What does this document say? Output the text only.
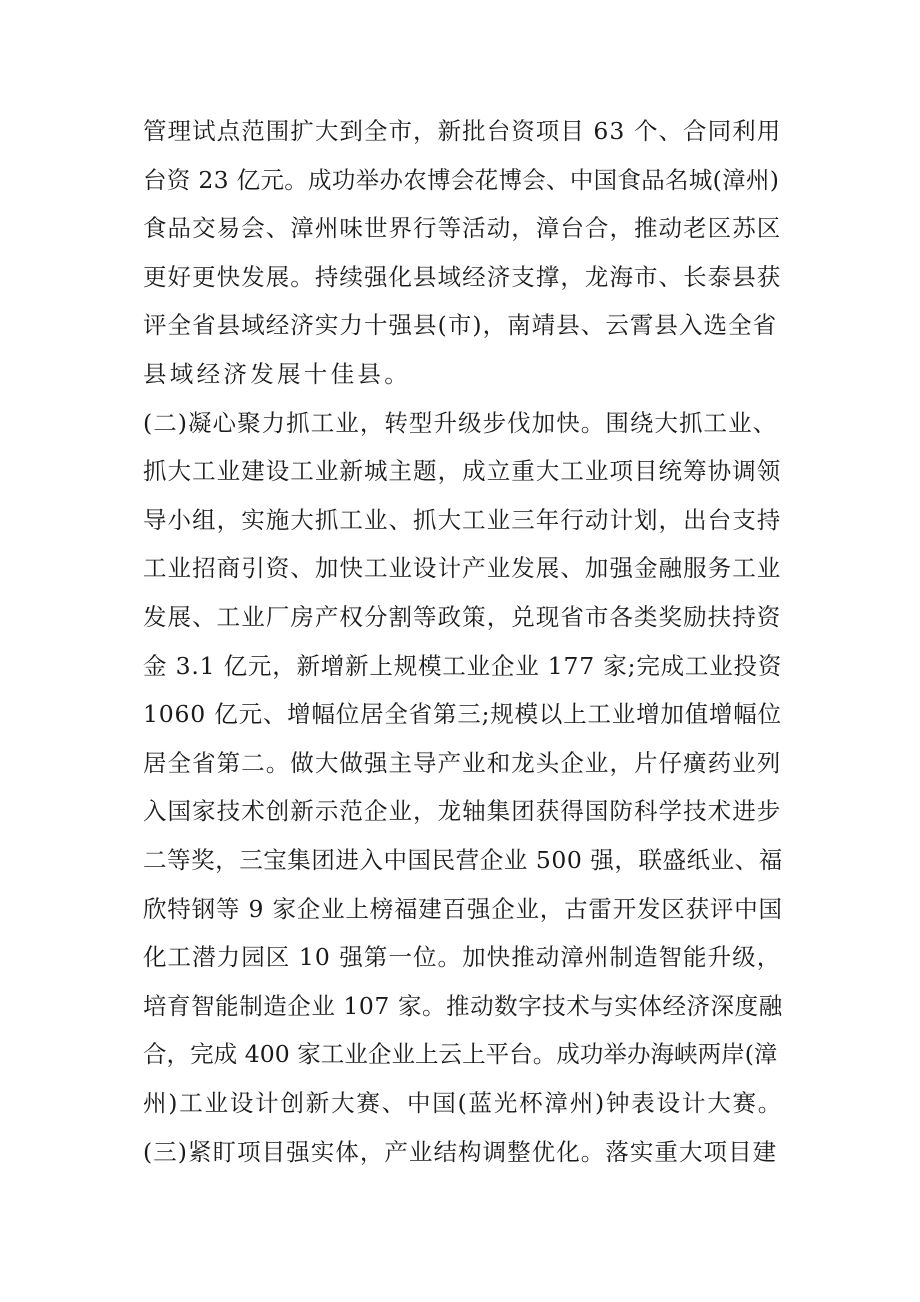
管理试点范围扩大到全市，新批台资项目 63 个、合同利用
台资 23 亿元。成功举办农博会花博会、中国食品名城(漳州)
食品交易会、漳州味世界行等活动，漳台合，推动老区苏区
更好更快发展。持续强化县域经济支撑，龙海市、长泰县获
评全省县域经济实力十强县(市)，南靖县、云霄县入选全省
县域经济发展十佳县。
(二)凝心聚力抓工业，转型升级步伐加快。围绕大抓工业、
抓大工业建设工业新城主题，成立重大工业项目统筹协调领
导小组，实施大抓工业、抓大工业三年行动计划，出台支持
工业招商引资、加快工业设计产业发展、加强金融服务工业
发展、工业厂房产权分割等政策，兑现省市各类奖励扶持资
金 3.1 亿元，新增新上规模工业企业 177 家;完成工业投资
1060 亿元、增幅位居全省第三;规模以上工业增加值增幅位
居全省第二。做大做强主导产业和龙头企业，片仔癀药业列
入国家技术创新示范企业，龙轴集团获得国防科学技术进步
二等奖，三宝集团进入中国民营企业 500 强，联盛纸业、福
欣特钢等 9 家企业上榜福建百强企业，古雷开发区获评中国
化工潜力园区 10 强第一位。加快推动漳州制造智能升级，
培育智能制造企业 107 家。推动数字技术与实体经济深度融
合，完成 400 家工业企业上云上平台。成功举办海峡两岸(漳
州)工业设计创新大赛、中国(蓝光杯漳州)钟表设计大赛。
(三)紧盯项目强实体，产业结构调整优化。落实重大项目建
